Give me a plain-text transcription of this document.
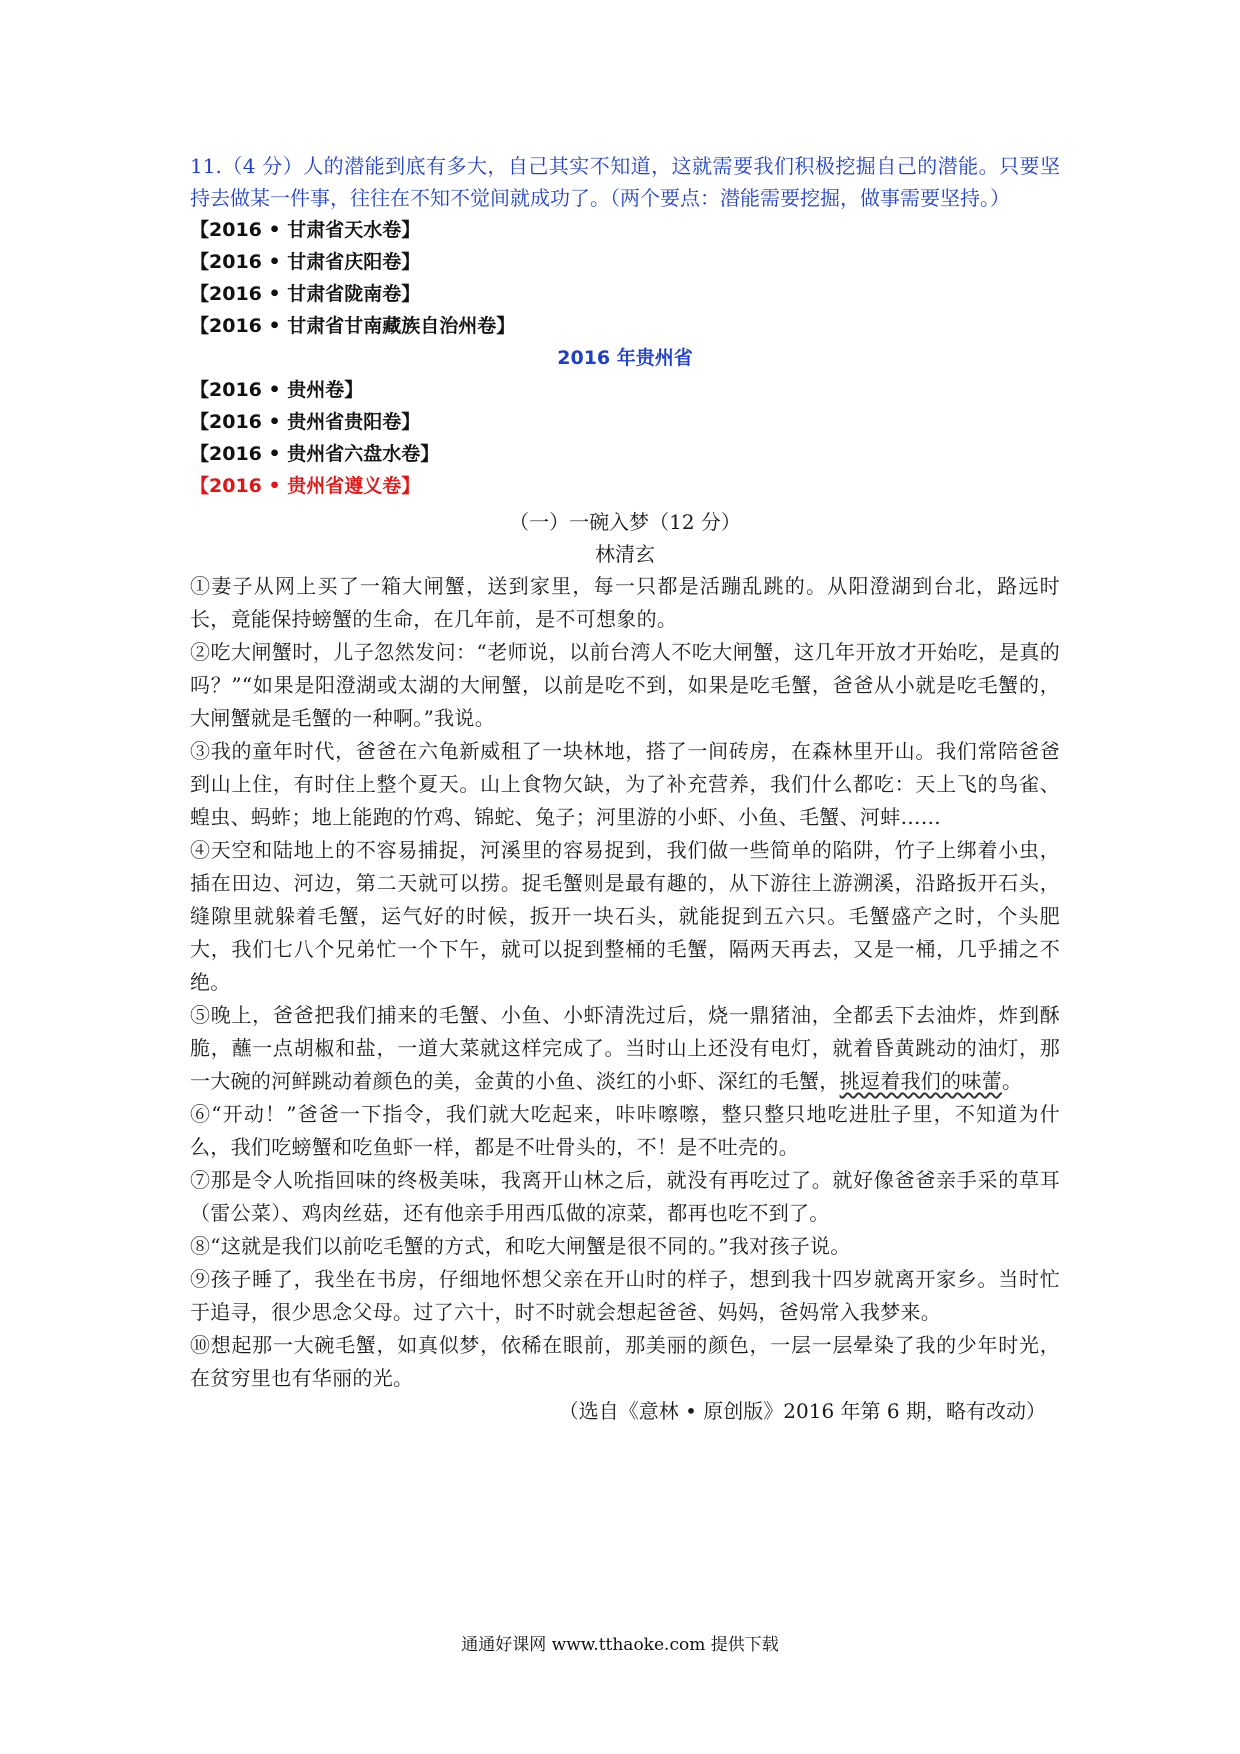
11.（4 分）人的潜能到底有多大，自己其实不知道，这就需要我们积极挖掘自己的潜能。只要坚持去做某一件事，往往在不知不觉间就成功了。（两个要点：潜能需要挖掘，做事需要坚持。）

【2016 • 甘肃省天水卷】

【2016 • 甘肃省庆阳卷】

【2016 • 甘肃省陇南卷】

【2016 • 甘肃省甘南藏族自治州卷】

2016 年贵州省

【2016 • 贵州卷】

【2016 • 贵州省贵阳卷】

【2016 • 贵州省六盘水卷】

【2016 • 贵州省遵义卷】

（一）一碗入梦（12 分）

林清玄

①妻子从网上买了一箱大闸蟹，送到家里，每一只都是活蹦乱跳的。从阳澄湖到台北，路远时长，竟能保持螃蟹的生命，在几年前，是不可想象的。

②吃大闸蟹时，儿子忽然发问：“老师说，以前台湾人不吃大闸蟹，这几年开放才开始吃，是真的吗？”“如果是阳澄湖或太湖的大闸蟹，以前是吃不到，如果是吃毛蟹，爸爸从小就是吃毛蟹的，大闸蟹就是毛蟹的一种啊。”我说。

③我的童年时代，爸爸在六龟新威租了一块林地，搭了一间砖房，在森林里开山。我们常陪爸爸到山上住，有时住上整个夏天。山上食物欠缺，为了补充营养，我们什么都吃：天上飞的鸟雀、蝗虫、蚂蚱；地上能跑的竹鸡、锦蛇、兔子；河里游的小虾、小鱼、毛蟹、河蚌……

④天空和陆地上的不容易捕捉，河溪里的容易捉到，我们做一些简单的陷阱，竹子上绑着小虫，插在田边、河边，第二天就可以捞。捉毛蟹则是最有趣的，从下游往上游溯溪，沿路扳开石头，缝隙里就躲着毛蟹，运气好的时候，扳开一块石头，就能捉到五六只。毛蟹盛产之时，个头肥大，我们七八个兄弟忙一个下午，就可以捉到整桶的毛蟹，隔两天再去，又是一桶，几乎捕之不绝。

⑤晚上，爸爸把我们捕来的毛蟹、小鱼、小虾清洗过后，烧一鼎猪油，全都丢下去油炸，炸到酥脆，蘸一点胡椒和盐，一道大菜就这样完成了。当时山上还没有电灯，就着昏黄跳动的油灯，那一大碗的河鲜跳动着颜色的美，金黄的小鱼、淡红的小虾、深红的毛蟹，挑逗着我们的味蕾。

⑥“开动！”爸爸一下指令，我们就大吃起来，咔咔嚓嚓，整只整只地吃进肚子里，不知道为什么，我们吃螃蟹和吃鱼虾一样，都是不吐骨头的，不！是不吐壳的。

⑦那是令人吮指回味的终极美味，我离开山林之后，就没有再吃过了。就好像爸爸亲手采的草耳（雷公菜）、鸡肉丝菇，还有他亲手用西瓜做的凉菜，都再也吃不到了。

⑧“这就是我们以前吃毛蟹的方式，和吃大闸蟹是很不同的。”我对孩子说。

⑨孩子睡了，我坐在书房，仔细地怀想父亲在开山时的样子，想到我十四岁就离开家乡。当时忙于追寻，很少思念父母。过了六十，时不时就会想起爸爸、妈妈，爸妈常入我梦来。

⑩想起那一大碗毛蟹，如真似梦，依稀在眼前，那美丽的颜色，一层一层晕染了我的少年时光，在贫穷里也有华丽的光。

（选自《意林 • 原创版》2016 年第 6 期，略有改动）

通通好课网 www.tthaoke.com 提供下载
